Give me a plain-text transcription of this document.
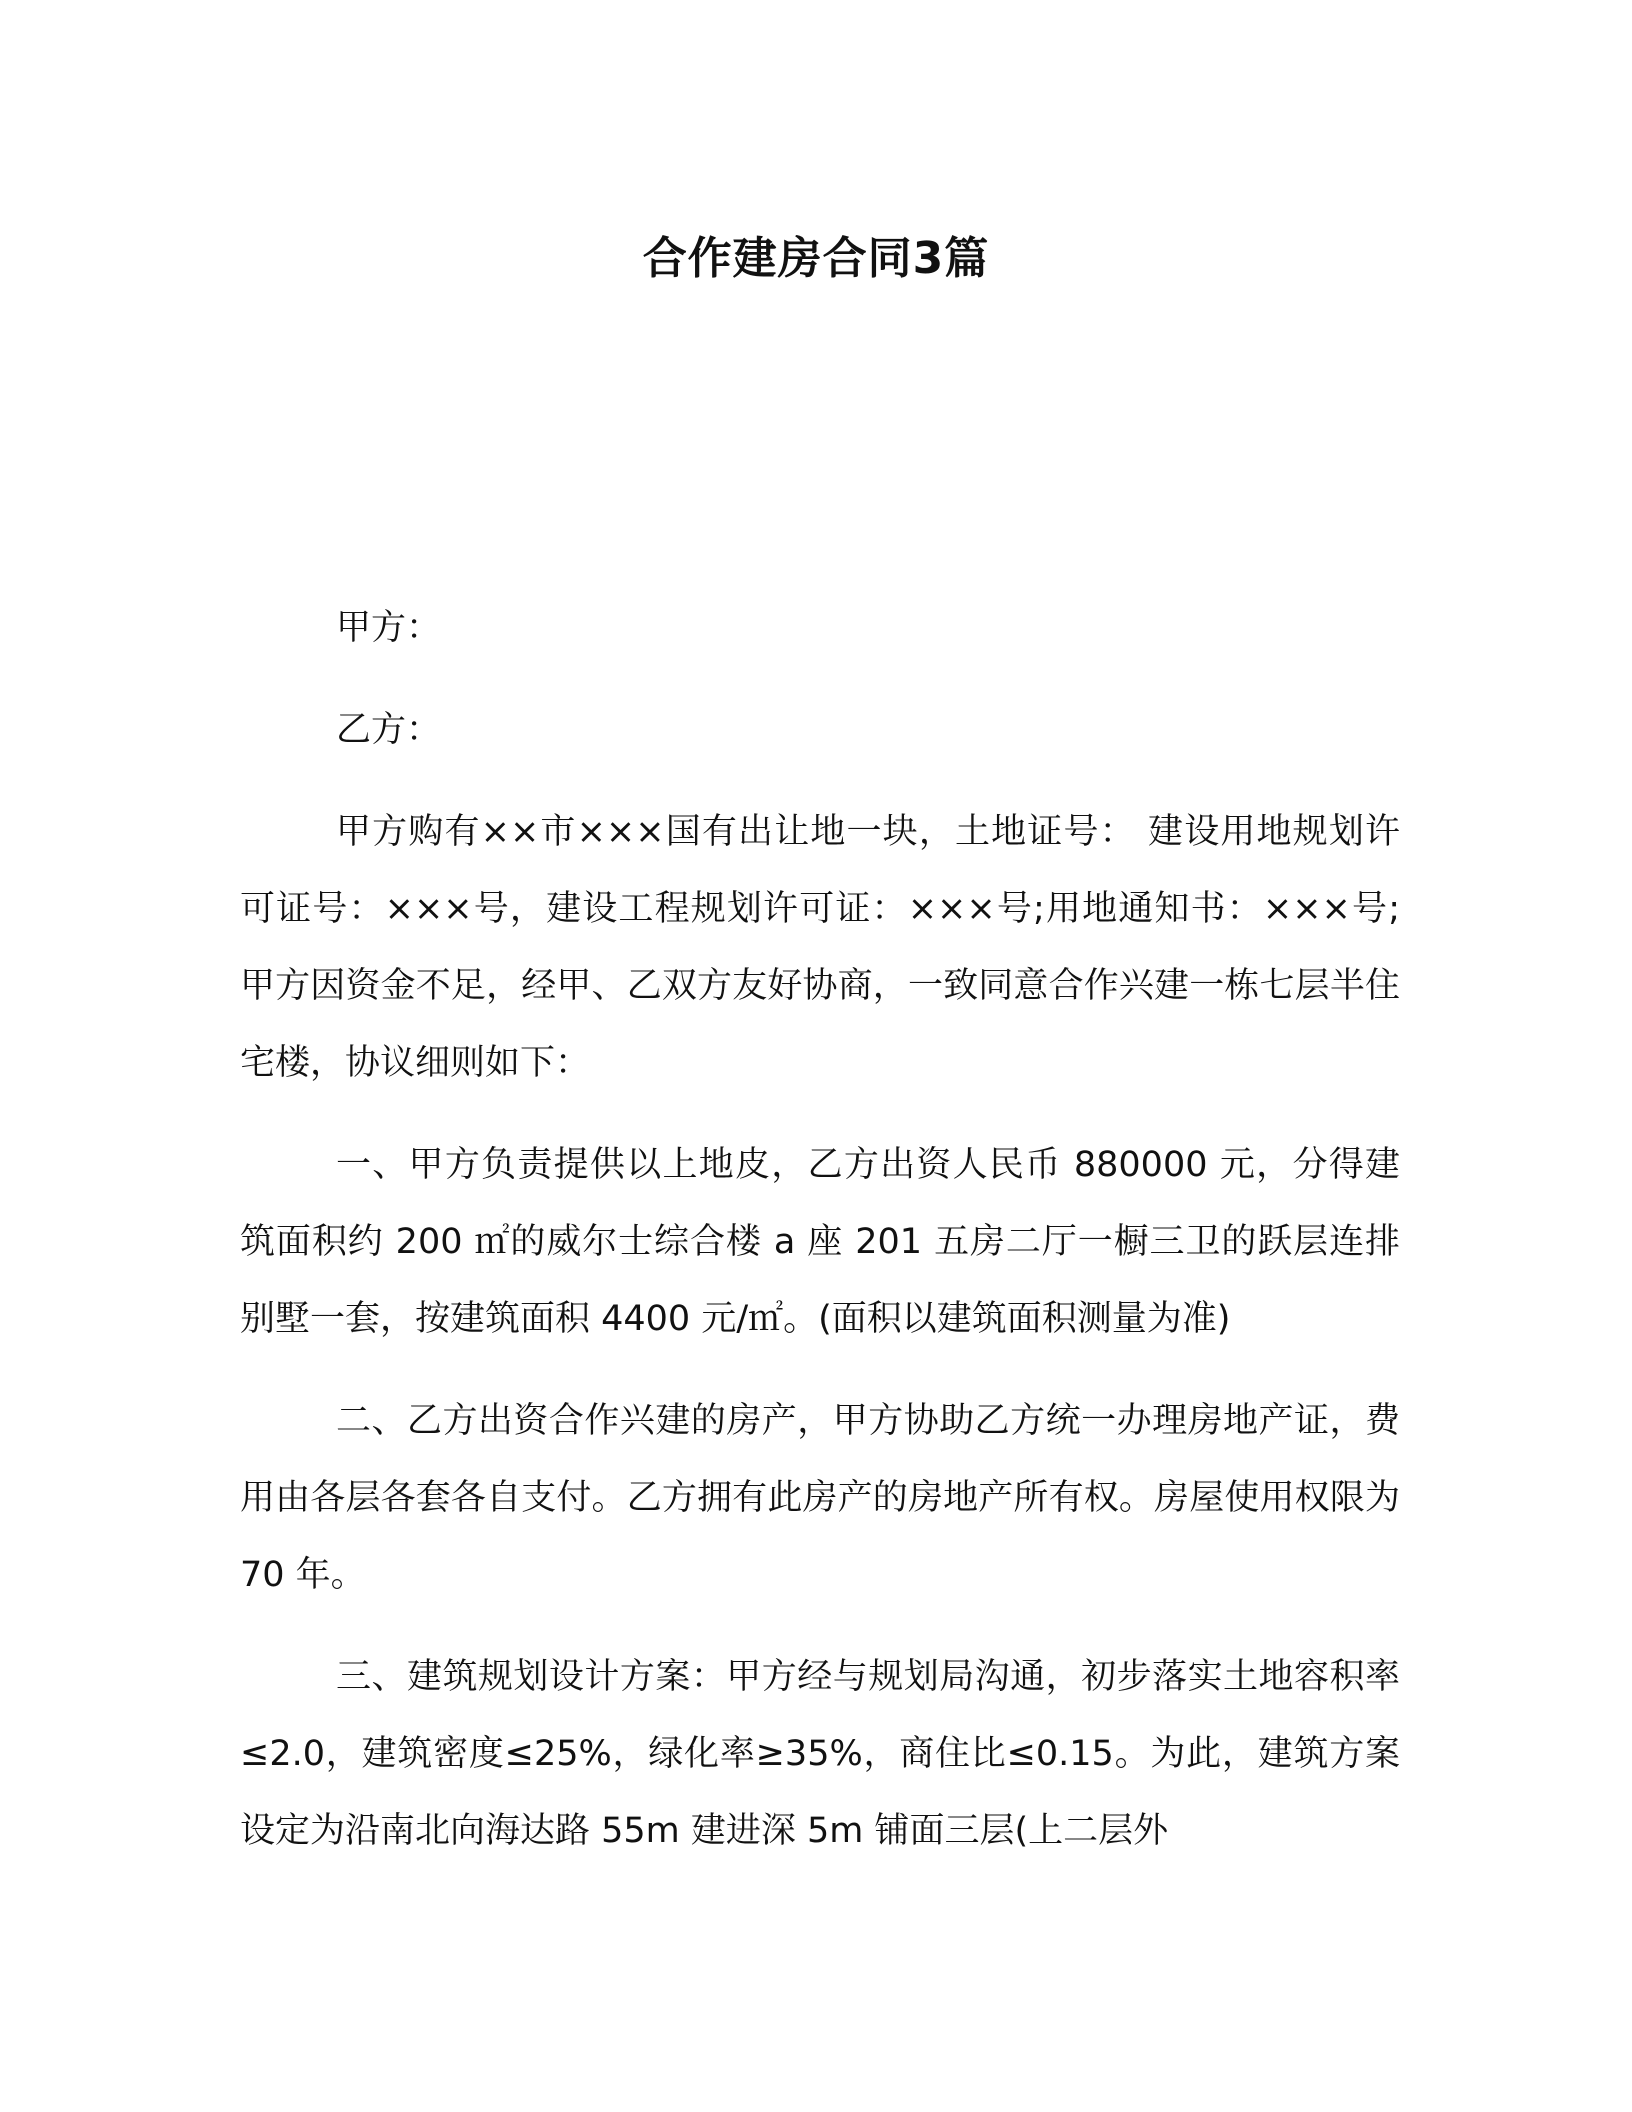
合作建房合同3篇

甲方：

乙方：

甲方购有××市×××国有出让地一块，土地证号： 建设用地规划许可证号：×××号，建设工程规划许可证：×××号;用地通知书：×××号;甲方因资金不足，经甲、乙双方友好协商，一致同意合作兴建一栋七层半住宅楼，协议细则如下：

一、甲方负责提供以上地皮，乙方出资人民币 880000 元，分得建筑面积约 200 ㎡的威尔士综合楼 a 座 201 五房二厅一橱三卫的跃层连排别墅一套，按建筑面积 4400 元/㎡。(面积以建筑面积测量为准)

二、乙方出资合作兴建的房产，甲方协助乙方统一办理房地产证，费用由各层各套各自支付。乙方拥有此房产的房地产所有权。房屋使用权限为 70 年。

三、建筑规划设计方案：甲方经与规划局沟通，初步落实土地容积率≤2.0，建筑密度≤25%，绿化率≥35%，商住比≤0.15。为此，建筑方案设定为沿南北向海达路 55m 建进深 5m 铺面三层(上二层外
